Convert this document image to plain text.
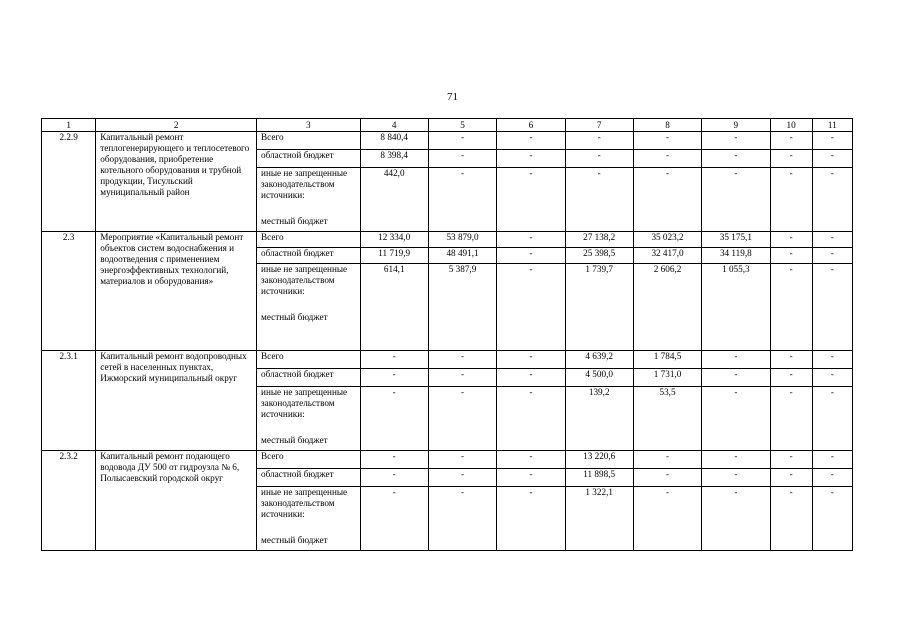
71
1	2	3	4	5	6	7	8	9	10	11
2.2.9	Капитальный ремонт теплогенерирующего и теплосетевого оборудования, приобретение котельного оборудования и трубной продукции, Тисульский муниципальный район	Всего	8 840,4	-	-	-	-	-	-	-
		областной бюджет	8 398,4	-	-	-	-	-	-	-
		иные не запрещенные законодательством источники:	442,0	-	-	-	-	-	-	-
		местный бюджет								
2.3	Мероприятие «Капитальный ремонт объектов систем водоснабжения и водоотведения с применением энергоэффективных технологий, материалов и оборудования»	Всего	12 334,0	53 879,0	-	27 138,2	35 023,2	35 175,1	-	-
		областной бюджет	11 719,9	48 491,1	-	25 398,5	32 417,0	34 119,8	-	-
		иные не запрещенные законодательством источники:	614,1	5 387,9	-	1 739,7	2 606,2	1 055,3	-	-
		местный бюджет								
2.3.1	Капитальный ремонт водопроводных сетей в населенных пунктах, Ижморский муниципальный округ	Всего	-	-	-	4 639,2	1 784,5	-	-	-
		областной бюджет	-	-	-	4 500,0	1 731,0	-	-	-
		иные не запрещенные законодательством источники:	-	-	-	139,2	53,5	-	-	-
		местный бюджет								
2.3.2	Капитальный ремонт подающего водовода ДУ 500 от гидроузла № 6, Полысаевский городской округ	Всего	-	-	-	13 220,6	-	-	-	-
		областной бюджет	-	-	-	11 898,5	-	-	-	-
		иные не запрещенные законодательством источники:	-	-	-	1 322,1	-	-	-	-
		местный бюджет								
